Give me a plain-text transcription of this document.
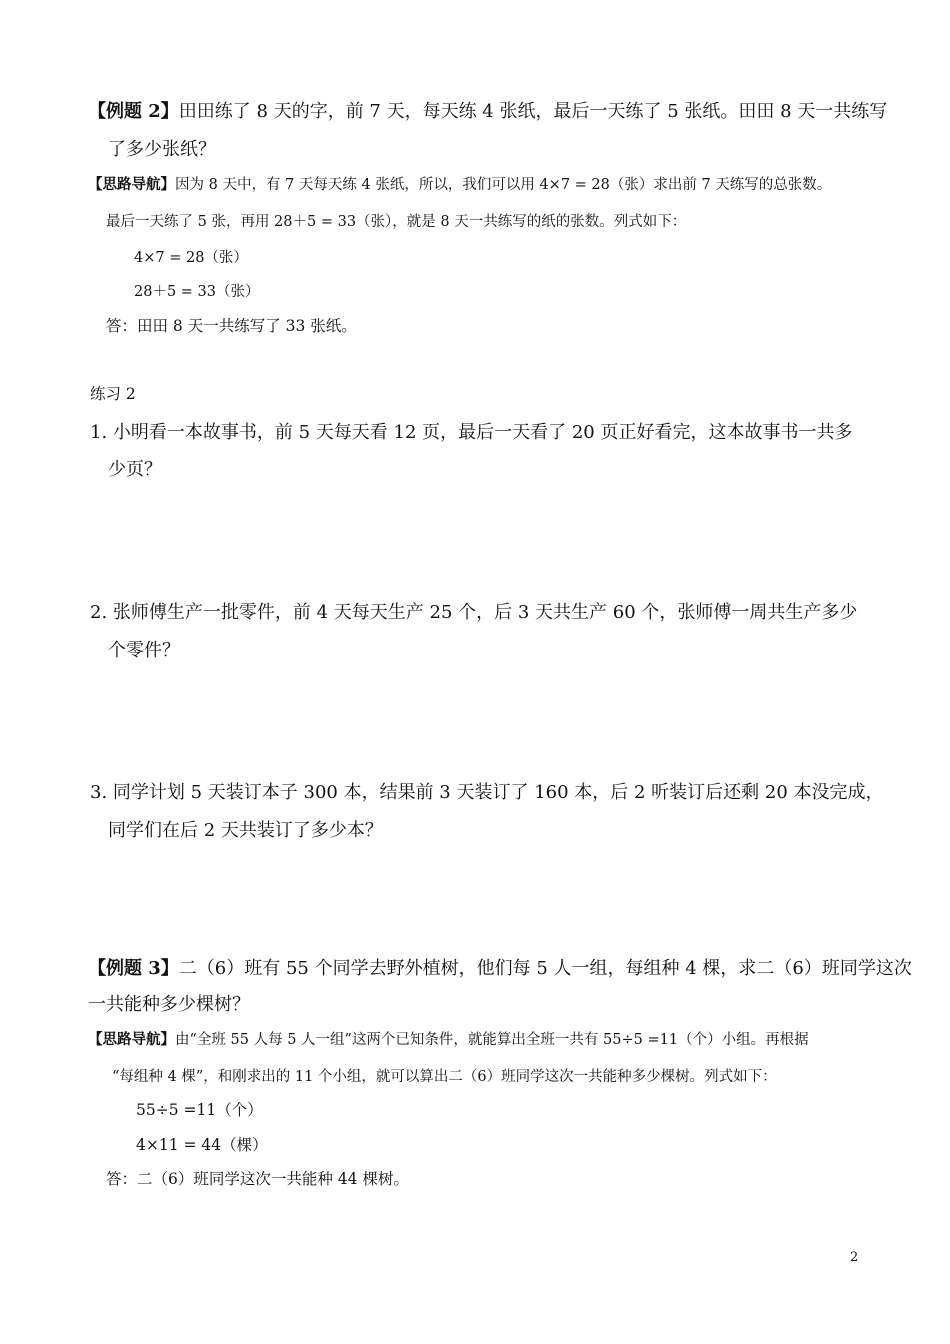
【例题 2】田田练了 8 天的字，前 7 天，每天练 4 张纸，最后一天练了 5 张纸。田田 8 天一共练写
了多少张纸？
【思路导航】因为 8 天中，有 7 天每天练 4 张纸，所以，我们可以用 4×7 = 28（张）求出前 7 天练写的总张数。
最后一天练了 5 张，再用 28＋5 = 33（张），就是 8 天一共练写的纸的张数。列式如下：
4×7 = 28（张）
28＋5 = 33（张）
答：田田 8 天一共练写了 33 张纸。
练习 2
1. 小明看一本故事书，前 5 天每天看 12 页，最后一天看了 20 页正好看完，这本故事书一共多
少页？
2. 张师傅生产一批零件，前 4 天每天生产 25 个，后 3 天共生产 60 个，张师傅一周共生产多少
个零件？
3. 同学计划 5 天装订本子 300 本，结果前 3 天装订了 160 本，后 2 听装订后还剩 20 本没完成，
同学们在后 2 天共装订了多少本？
【例题 3】二（6）班有 55 个同学去野外植树，他们每 5 人一组，每组种 4 棵，求二（6）班同学这次
一共能种多少棵树？
【思路导航】由“全班 55 人每 5 人一组”这两个已知条件，就能算出全班一共有 55÷5 =11（个）小组。再根据
“每组种 4 棵”，和刚求出的 11 个小组，就可以算出二（6）班同学这次一共能种多少棵树。列式如下：
55÷5 =11（个）
4×11 = 44（棵）
答：二（6）班同学这次一共能种 44 棵树。
2
